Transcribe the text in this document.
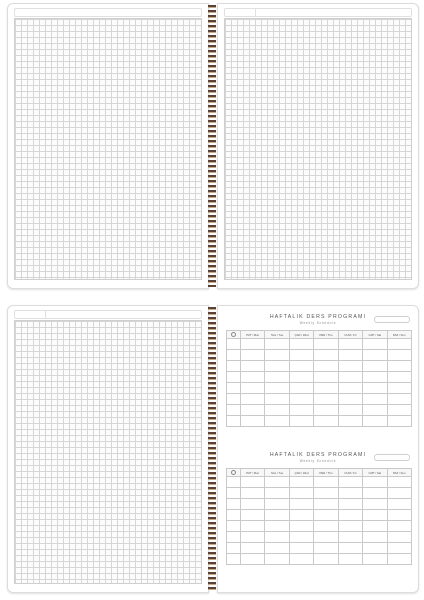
HAFTALIK DERS PROGRAMI
Weekly Schedule
	PZT / Mon	SAL / Tue	ÇAR / Wed	PER / Thu	CUM / Fri	CMT / Sat	PAZ / Sun

HAFTALIK DERS PROGRAMI
Weekly Schedule
	PZT / Mon	SAL / Tue	ÇAR / Wed	PER / Thu	CUM / Fri	CMT / Sat	PAZ / Sun
